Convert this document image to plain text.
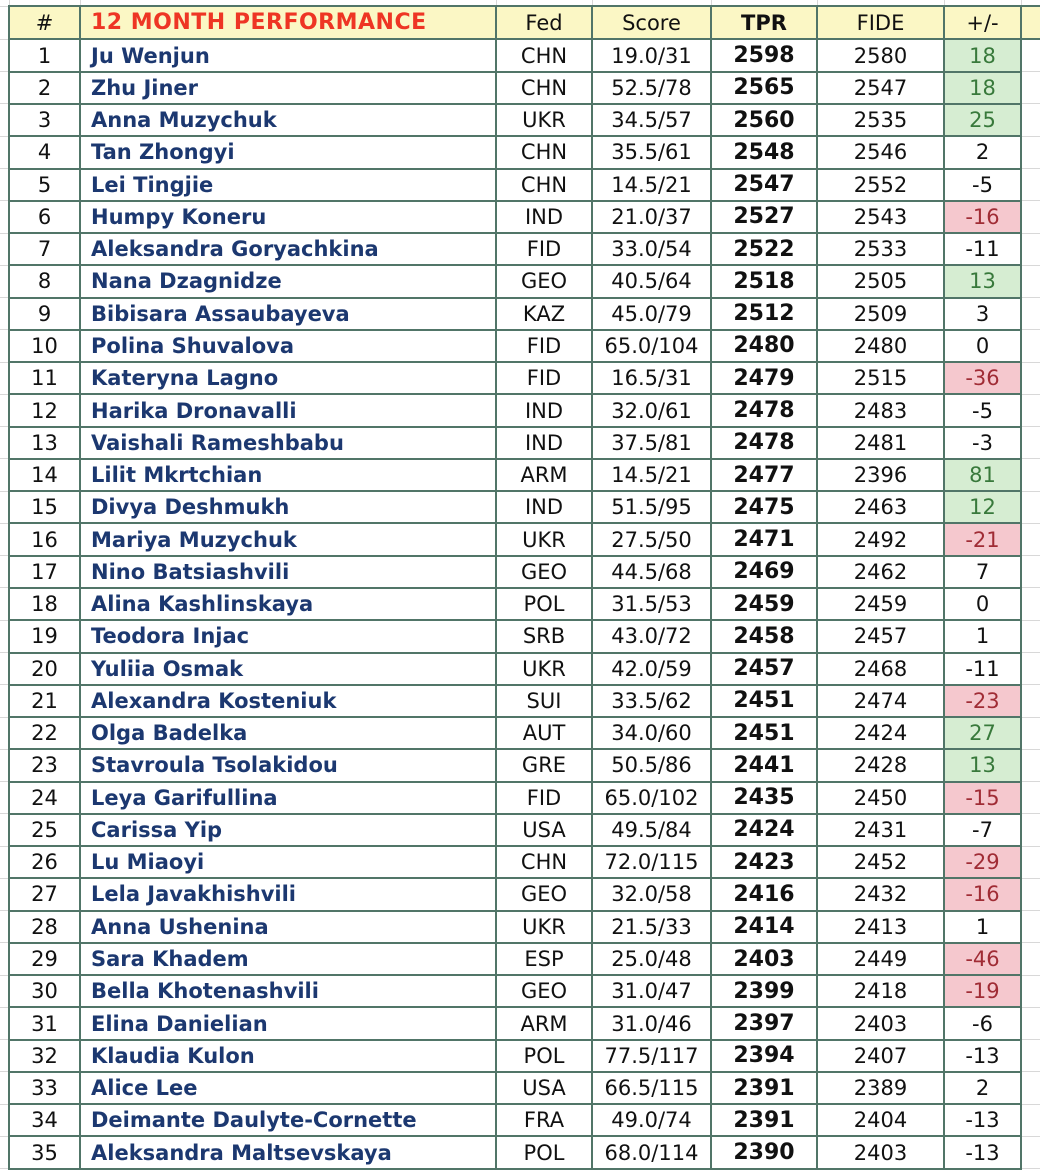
	#	12 MONTH PERFORMANCE	Fed	Score	TPR	FIDE	+/-	
	1	Ju Wenjun	CHN	19.0/31	2598	2580	18	
	2	Zhu Jiner	CHN	52.5/78	2565	2547	18	
	3	Anna Muzychuk	UKR	34.5/57	2560	2535	25	
	4	Tan Zhongyi	CHN	35.5/61	2548	2546	2	
	5	Lei Tingjie	CHN	14.5/21	2547	2552	-5	
	6	Humpy Koneru	IND	21.0/37	2527	2543	-16	
	7	Aleksandra Goryachkina	FID	33.0/54	2522	2533	-11	
	8	Nana Dzagnidze	GEO	40.5/64	2518	2505	13	
	9	Bibisara Assaubayeva	KAZ	45.0/79	2512	2509	3	
	10	Polina Shuvalova	FID	65.0/104	2480	2480	0	
	11	Kateryna Lagno	FID	16.5/31	2479	2515	-36	
	12	Harika Dronavalli	IND	32.0/61	2478	2483	-5	
	13	Vaishali Rameshbabu	IND	37.5/81	2478	2481	-3	
	14	Lilit Mkrtchian	ARM	14.5/21	2477	2396	81	
	15	Divya Deshmukh	IND	51.5/95	2475	2463	12	
	16	Mariya Muzychuk	UKR	27.5/50	2471	2492	-21	
	17	Nino Batsiashvili	GEO	44.5/68	2469	2462	7	
	18	Alina Kashlinskaya	POL	31.5/53	2459	2459	0	
	19	Teodora Injac	SRB	43.0/72	2458	2457	1	
	20	Yuliia Osmak	UKR	42.0/59	2457	2468	-11	
	21	Alexandra Kosteniuk	SUI	33.5/62	2451	2474	-23	
	22	Olga Badelka	AUT	34.0/60	2451	2424	27	
	23	Stavroula Tsolakidou	GRE	50.5/86	2441	2428	13	
	24	Leya Garifullina	FID	65.0/102	2435	2450	-15	
	25	Carissa Yip	USA	49.5/84	2424	2431	-7	
	26	Lu Miaoyi	CHN	72.0/115	2423	2452	-29	
	27	Lela Javakhishvili	GEO	32.0/58	2416	2432	-16	
	28	Anna Ushenina	UKR	21.5/33	2414	2413	1	
	29	Sara Khadem	ESP	25.0/48	2403	2449	-46	
	30	Bella Khotenashvili	GEO	31.0/47	2399	2418	-19	
	31	Elina Danielian	ARM	31.0/46	2397	2403	-6	
	32	Klaudia Kulon	POL	77.5/117	2394	2407	-13	
	33	Alice Lee	USA	66.5/115	2391	2389	2	
	34	Deimante Daulyte-Cornette	FRA	49.0/74	2391	2404	-13	
	35	Aleksandra Maltsevskaya	POL	68.0/114	2390	2403	-13	
